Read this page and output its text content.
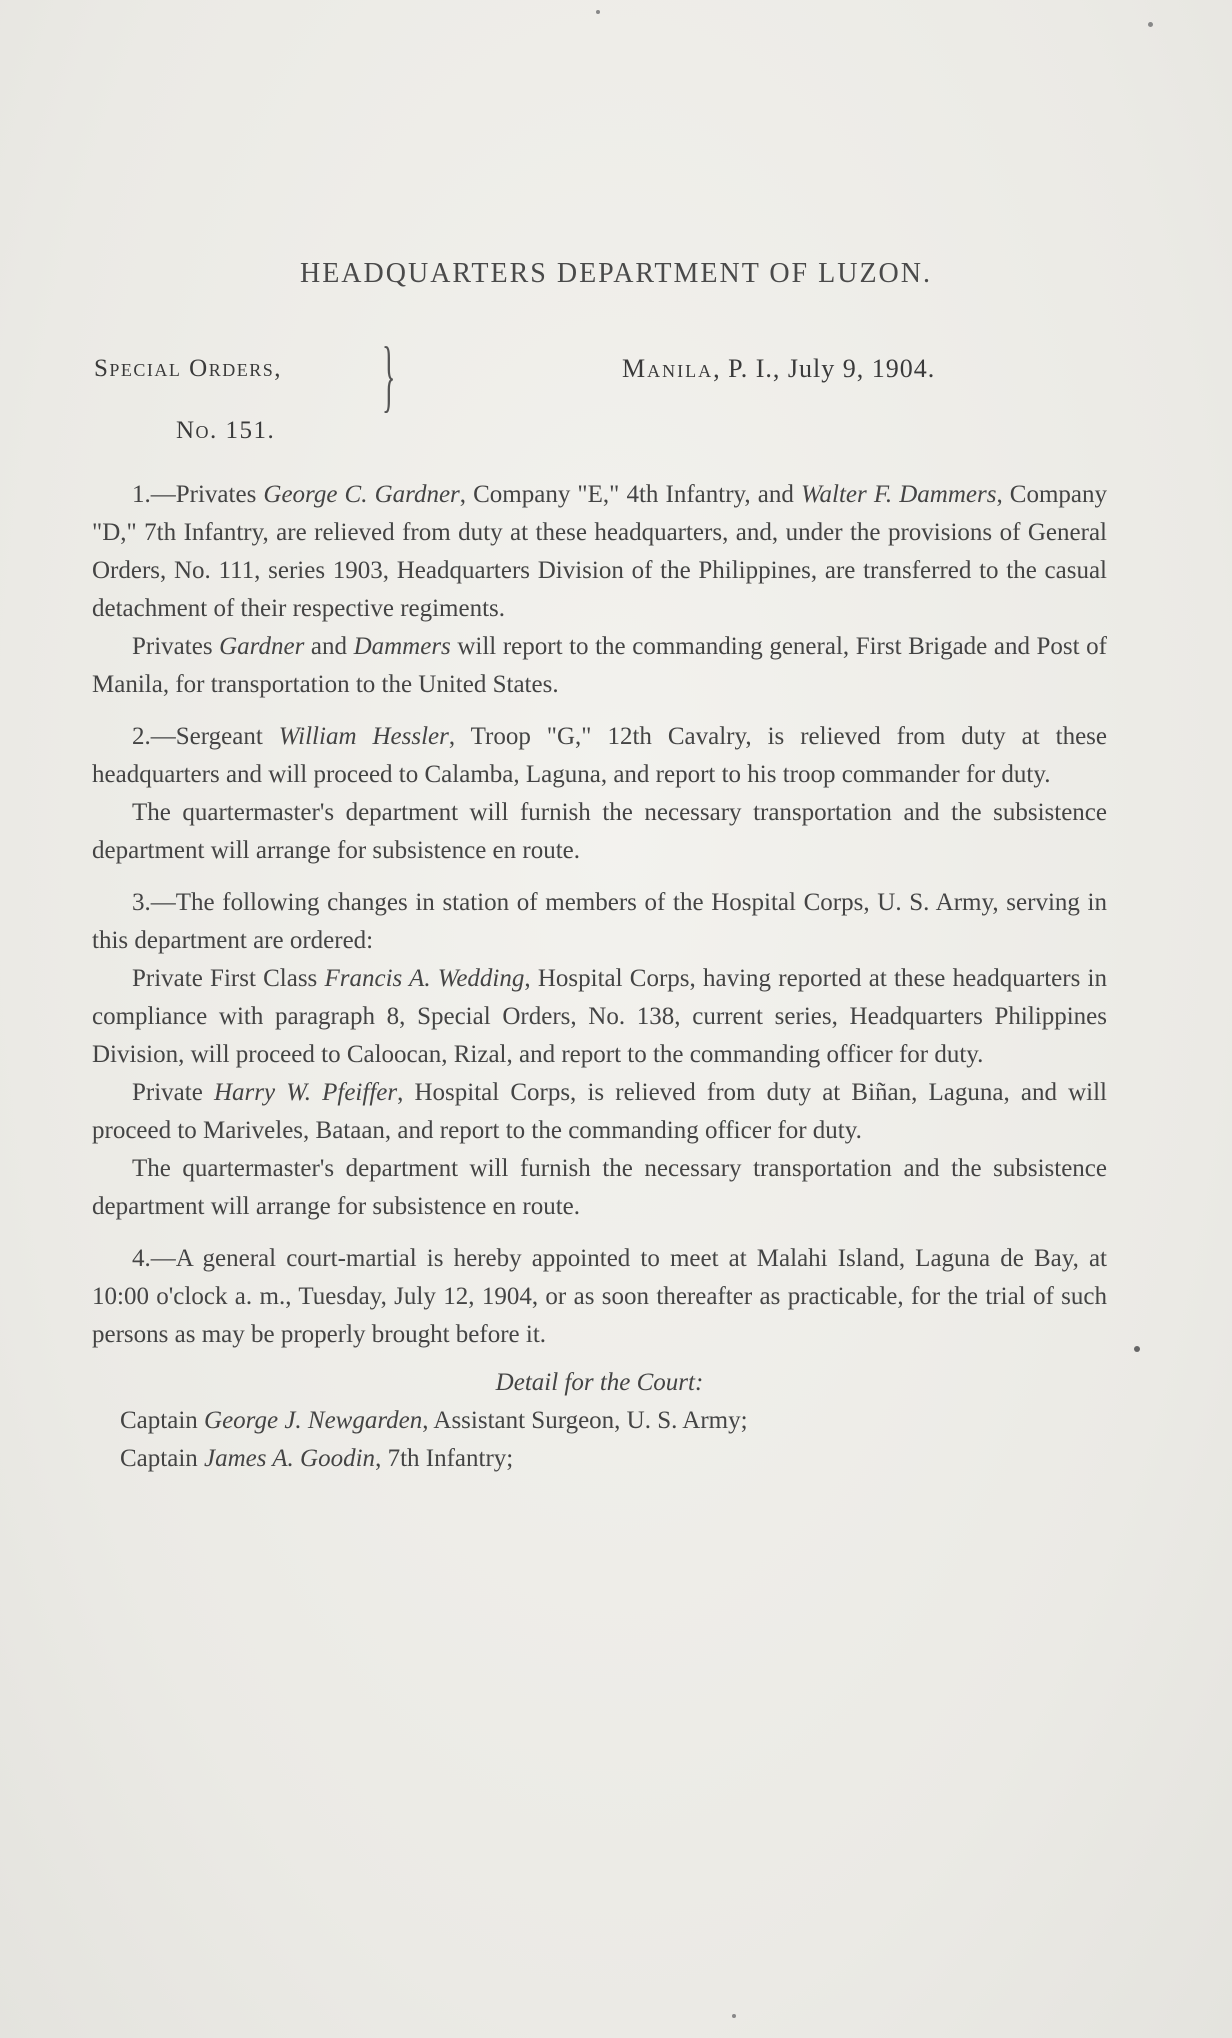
HEADQUARTERS DEPARTMENT OF LUZON.
Special Orders,
No. 151.
}	Manila, P. I., July 9, 1904.

1.—Privates George C. Gardner, Company "E," 4th Infantry, and Walter F. Dammers, Company "D," 7th Infantry, are relieved from duty at these headquarters, and, under the provisions of General Orders, No. 111, series 1903, Headquarters Division of the Philippines, are transferred to the casual detachment of their respective regiments.

Privates Gardner and Dammers will report to the commanding general, First Brigade and Post of Manila, for transportation to the United States.

2.—Sergeant William Hessler, Troop "G," 12th Cavalry, is relieved from duty at these headquarters and will proceed to Calamba, Laguna, and report to his troop commander for duty.

The quartermaster's department will furnish the necessary transportation and the subsistence department will arrange for subsistence en route.

3.—The following changes in station of members of the Hospital Corps, U. S. Army, serving in this department are ordered:

Private First Class Francis A. Wedding, Hospital Corps, having reported at these headquarters in compliance with paragraph 8, Special Orders, No. 138, current series, Headquarters Philippines Division, will proceed to Caloocan, Rizal, and report to the commanding officer for duty.

Private Harry W. Pfeiffer, Hospital Corps, is relieved from duty at Biñan, Laguna, and will proceed to Mariveles, Bataan, and report to the commanding officer for duty.

The quartermaster's department will furnish the necessary transportation and the subsistence department will arrange for subsistence en route.

4.—A general court-martial is hereby appointed to meet at Malahi Island, Laguna de Bay, at 10:00 o'clock a. m., Tuesday, July 12, 1904, or as soon thereafter as practicable, for the trial of such persons as may be properly brought before it.

Detail for the Court:

Captain George J. Newgarden, Assistant Surgeon, U. S. Army;

Captain James A. Goodin, 7th Infantry;
